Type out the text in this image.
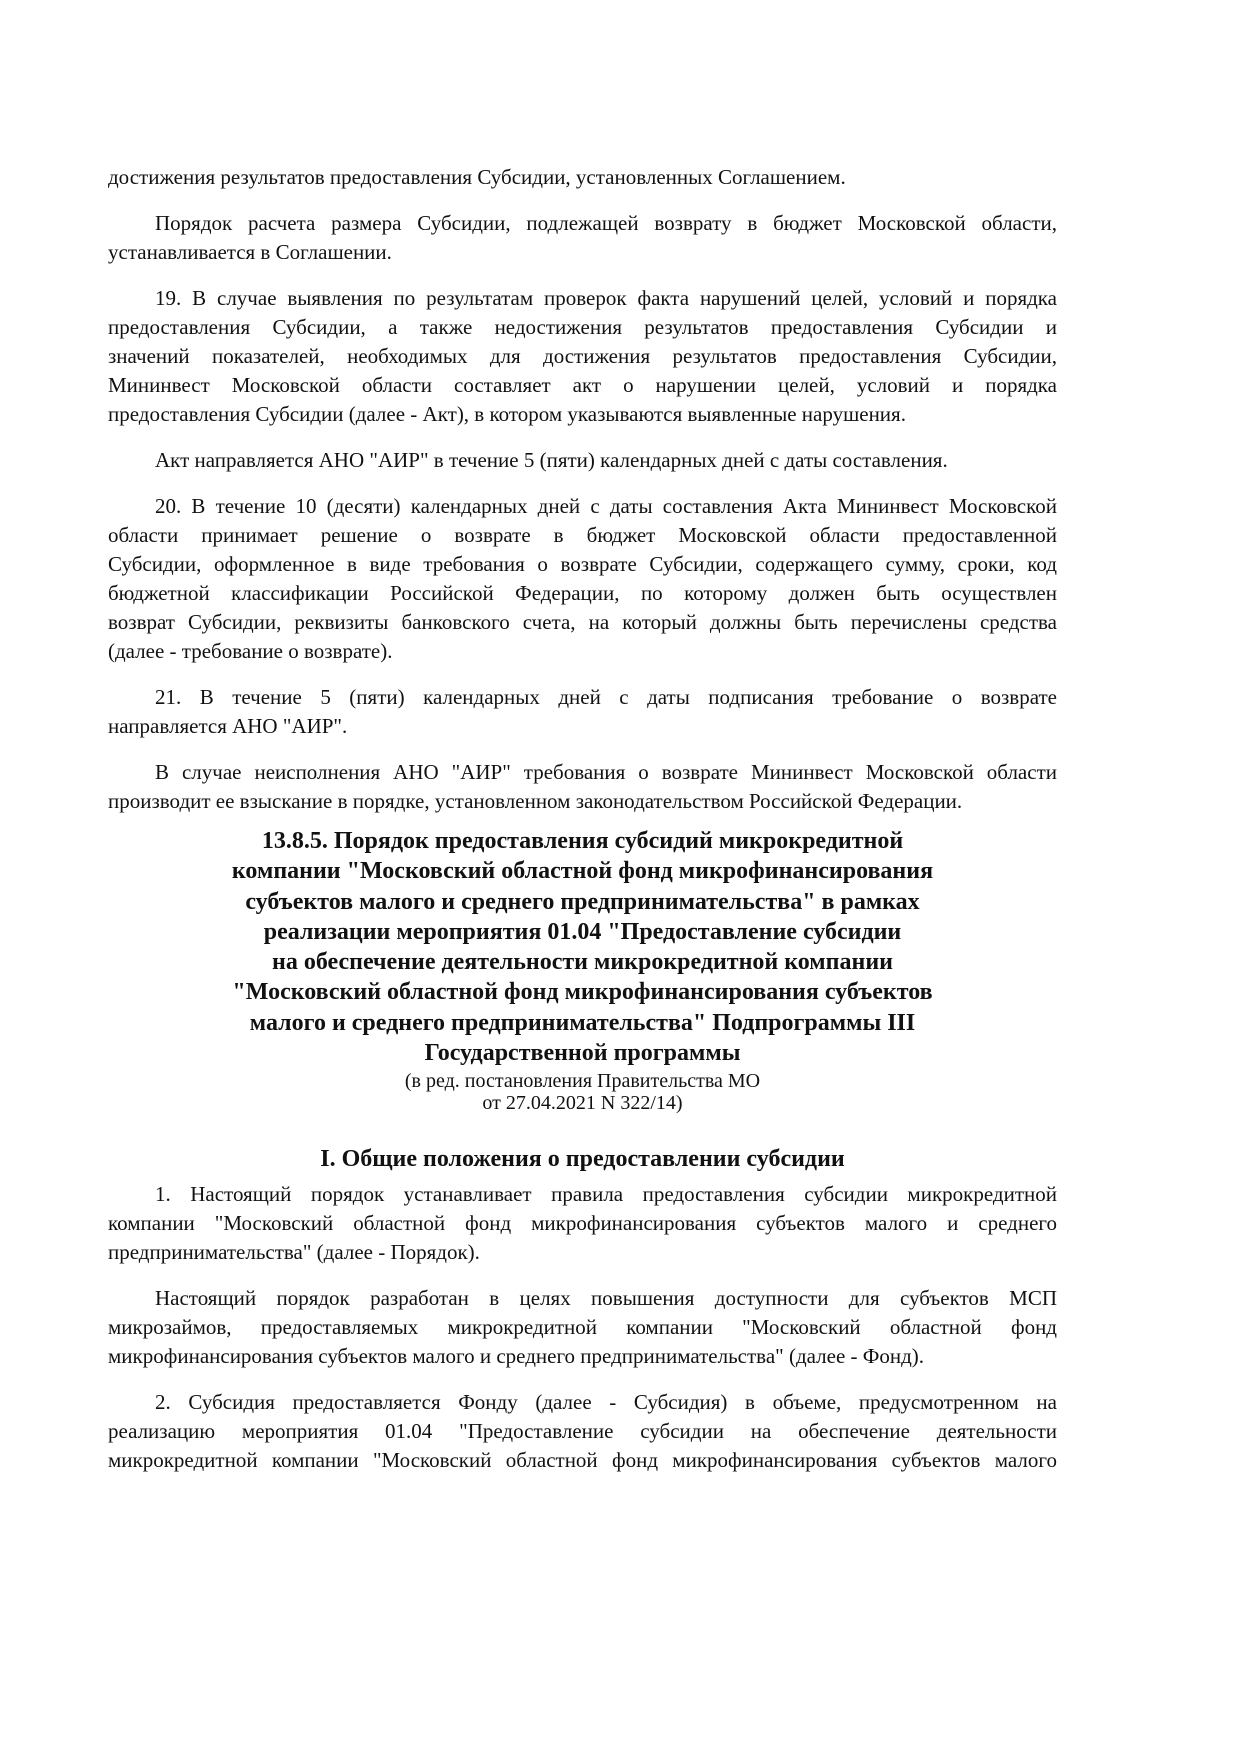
достижения результатов предоставления Субсидии, установленных Соглашением.
Порядок расчета размера Субсидии, подлежащей возврату в бюджет Московской области,
устанавливается в Соглашении.
19. В случае выявления по результатам проверок факта нарушений целей, условий и порядка
предоставления Субсидии, а также недостижения результатов предоставления Субсидии и
значений показателей, необходимых для достижения результатов предоставления Субсидии,
Мининвест Московской области составляет акт о нарушении целей, условий и порядка
предоставления Субсидии (далее - Акт), в котором указываются выявленные нарушения.
Акт направляется АНО "АИР" в течение 5 (пяти) календарных дней с даты составления.
20. В течение 10 (десяти) календарных дней с даты составления Акта Мининвест Московской
области принимает решение о возврате в бюджет Московской области предоставленной
Субсидии, оформленное в виде требования о возврате Субсидии, содержащего сумму, сроки, код
бюджетной классификации Российской Федерации, по которому должен быть осуществлен
возврат Субсидии, реквизиты банковского счета, на который должны быть перечислены средства
(далее - требование о возврате).
21. В течение 5 (пяти) календарных дней с даты подписания требование о возврате
направляется АНО "АИР".
В случае неисполнения АНО "АИР" требования о возврате Мининвест Московской области
производит ее взыскание в порядке, установленном законодательством Российской Федерации.
13.8.5. Порядок предоставления субсидий микрокредитной
компании "Московский областной фонд микрофинансирования
субъектов малого и среднего предпринимательства" в рамках
реализации мероприятия 01.04 "Предоставление субсидии
на обеспечение деятельности микрокредитной компании
"Московский областной фонд микрофинансирования субъектов
малого и среднего предпринимательства" Подпрограммы III
Государственной программы
(в ред. постановления Правительства МО
от 27.04.2021 N 322/14)
I. Общие положения о предоставлении субсидии
1. Настоящий порядок устанавливает правила предоставления субсидии микрокредитной
компании "Московский областной фонд микрофинансирования субъектов малого и среднего
предпринимательства" (далее - Порядок).
Настоящий порядок разработан в целях повышения доступности для субъектов МСП
микрозаймов, предоставляемых микрокредитной компании "Московский областной фонд
микрофинансирования субъектов малого и среднего предпринимательства" (далее - Фонд).
2. Субсидия предоставляется Фонду (далее - Субсидия) в объеме, предусмотренном на
реализацию мероприятия 01.04 "Предоставление субсидии на обеспечение деятельности
микрокредитной компании "Московский областной фонд микрофинансирования субъектов малого
